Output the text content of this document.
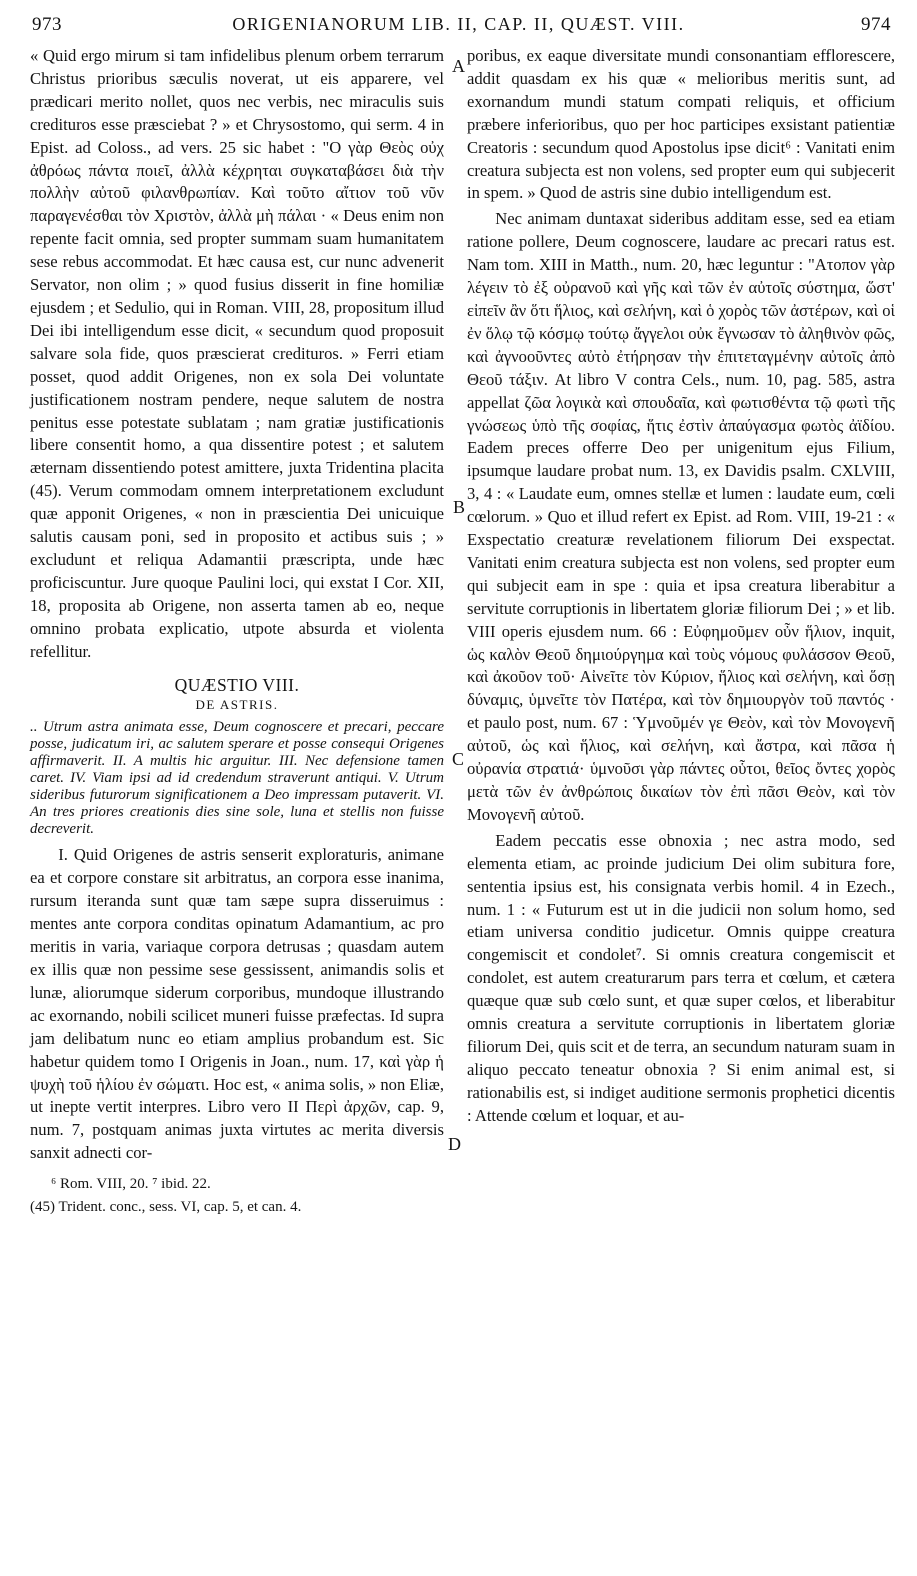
973	ORIGENIANORUM LIB. II, CAP. II, QUÆST. VIII.	974

« Quid ergo mirum si tam infidelibus plenum orbem terrarum Christus prioribus sæculis noverat, ut eis apparere, vel prædicari merito nollet, quos nec verbis, nec miraculis suis credituros esse præsciebat ? » et Chrysostomo, qui serm. 4 in Epist. ad Coloss., ad vers. 25 sic habet : "Ο γὰρ Θεὸς οὐχ ἀθρόως πάντα ποιεῖ, ἀλλὰ κέχρηται συγκαταβάσει διὰ τὴν πολλὴν αὐτοῦ φιλανθρωπίαν. Καὶ τοῦτο αἴτιον τοῦ νῦν παραγενέσθαι τὸν Χριστὸν, ἀλλὰ μὴ πάλαι · « Deus enim non repente facit omnia, sed propter summam suam humanitatem sese rebus accommodat. Et hæc causa est, cur nunc advenerit Servator, non olim ; » quod fusius disserit in fine homiliæ ejusdem ; et Sedulio, qui in Roman. VIII, 28, propositum illud Dei ibi intelligendum esse dicit, « secundum quod proposuit salvare sola fide, quos præscierat credituros. » Ferri etiam posset, quod addit Origenes, non ex sola Dei voluntate justificationem nostram pendere, neque salutem de nostra penitus esse potestate sublatam ; nam gratiæ justificationis libere consentit homo, a qua dissentire potest ; et salutem æternam dissentiendo potest amittere, juxta Tridentina placita (45). Verum commodam omnem interpretationem excludunt quæ apponit Origenes, « non in præscientia Dei unicuique salutis causam poni, sed in proposito et actibus suis ; » excludunt et reliqua Adamantii præscripta, unde hæc proficiscuntur. Jure quoque Paulini loci, qui exstat I Cor. XII, 18, proposita ab Origene, non asserta tamen ab eo, neque omnino probata explicatio, utpote absurda et violenta refellitur.

QUÆSTIO VIII.
DE ASTRIS.

.. Utrum astra animata esse, Deum cognoscere et precari, peccare posse, judicatum iri, ac salutem sperare et posse consequi Origenes affirmaverit. II. A multis hic arguitur. III. Nec defensione tamen caret. IV. Viam ipsi ad id credendum straverunt antiqui. V. Utrum sideribus futurorum significationem a Deo impressam putaverit. VI. An tres priores creationis dies sine sole, luna et stellis non fuisse decreverit.

I. Quid Origenes de astris senserit exploraturis, animane ea et corpore constare sit arbitratus, an corpora esse inanima, rursum iteranda sunt quæ tam sæpe supra disseruimus : mentes ante corpora conditas opinatum Adamantium, ac pro meritis in varia, variaque corpora detrusas ; quasdam autem ex illis quæ non pessime sese gessissent, animandis solis et lunæ, aliorumque siderum corporibus, mundoque illustrando ac exornando, nobili scilicet muneri fuisse præfectas. Id supra jam delibatum nunc eo etiam amplius probandum est. Sic habetur quidem tomo I Origenis in Joan., num. 17, καὶ γὰρ ἡ ψυχὴ τοῦ ἡλίου ἐν σώματι. Hoc est, « anima solis, » non Eliæ, ut inepte vertit interpres. Libro vero II Περὶ ἀρχῶν, cap. 9, num. 7, postquam animas juxta virtutes ac merita diversis sanxit adnecti cor-

⁶ Rom. VIII, 20. ⁷ ibid. 22.

(45) Trident. conc., sess. VI, cap. 5, et can. 4.

poribus, ex eaque diversitate mundi consonantiam efflorescere, addit quasdam ex his quæ « melioribus meritis sunt, ad exornandum mundi statum compati reliquis, et officium præbere inferioribus, quo per hoc participes exsistant patientiæ Creatoris : secundum quod Apostolus ipse dicit⁶ : Vanitati enim creatura subjecta est non volens, sed propter eum qui subjecerit in spem. » Quod de astris sine dubio intelligendum est.

Nec animam duntaxat sideribus additam esse, sed ea etiam ratione pollere, Deum cognoscere, laudare ac precari ratus est. Nam tom. XIII in Matth., num. 20, hæc leguntur : "Ατοπον γὰρ λέγειν τὸ ἐξ οὐρανοῦ καὶ γῆς καὶ τῶν ἐν αὐτοῖς σύστημα, ὥστ' εἰπεῖν ἂν ὅτι ἥλιος, καὶ σελήνη, καὶ ὁ χορὸς τῶν ἀστέρων, καὶ οἱ ἐν ὅλῳ τῷ κόσμῳ τούτῳ ἄγγελοι οὐκ ἔγνωσαν τὸ ἀληθινὸν φῶς, καὶ ἀγνοοῦντες αὐτὸ ἐτήρησαν τὴν ἐπιτεταγμένην αὐτοῖς ἀπὸ Θεοῦ τάξιν. At libro V contra Cels., num. 10, pag. 585, astra appellat ζῶα λογικὰ καὶ σπουδαῖα, καὶ φωτισθέντα τῷ φωτὶ τῆς γνώσεως ὑπὸ τῆς σοφίας, ἥτις ἐστὶν ἀπαύγασμα φωτὸς ἀϊδίου. Eadem preces offerre Deo per unigenitum ejus Filium, ipsumque laudare probat num. 13, ex Davidis psalm. CXLVIII, 3, 4 : « Laudate eum, omnes stellæ et lumen : laudate eum, cœli cœlorum. » Quo et illud refert ex Epist. ad Rom. VIII, 19-21 : « Exspectatio creaturæ revelationem filiorum Dei exspectat. Vanitati enim creatura subjecta est non volens, sed propter eum qui subjecit eam in spe : quia et ipsa creatura liberabitur a servitute corruptionis in libertatem gloriæ filiorum Dei ; » et lib. VIII operis ejusdem num. 66 : Εὐφημοῦμεν οὖν ἥλιον, inquit, ὡς καλὸν Θεοῦ δημιούργημα καὶ τοὺς νόμους φυλάσσον Θεοῦ, καὶ ἀκοῦον τοῦ· Αἰνεῖτε τὸν Κύριον, ἥλιος καὶ σελήνη, καὶ ὅσῃ δύναμις, ὑμνεῖτε τὸν Πατέρα, καὶ τὸν δημιουργὸν τοῦ παντός · et paulo post, num. 67 : Ὑμνοῦμέν γε Θεὸν, καὶ τὸν Μονογενῆ αὐτοῦ, ὡς καὶ ἥλιος, καὶ σελήνη, καὶ ἄστρα, καὶ πᾶσα ἡ οὐρανία στρατιά· ὑμνοῦσι γὰρ πάντες οὗτοι, θεῖος ὄντες χορὸς μετὰ τῶν ἐν ἀνθρώποις δικαίων τὸν ἐπὶ πᾶσι Θεὸν, καὶ τὸν Μονογενῆ αὐτοῦ.

Eadem peccatis esse obnoxia ; nec astra modo, sed elementa etiam, ac proinde judicium Dei olim subitura fore, sententia ipsius est, his consignata verbis homil. 4 in Ezech., num. 1 : « Futurum est ut in die judicii non solum homo, sed etiam universa conditio judicetur. Omnis quippe creatura congemiscit et condolet⁷. Si omnis creatura congemiscit et condolet, est autem creaturarum pars terra et cœlum, et cætera quæque quæ sub cœlo sunt, et quæ super cœlos, et liberabitur omnis creatura a servitute corruptionis in libertatem gloriæ filiorum Dei, quis scit et de terra, an secundum naturam suam in aliquo peccato teneatur obnoxia ? Si enim animal est, si rationabilis est, si indiget auditione sermonis prophetici dicentis : Attende cœlum et loquar, et au-

A
B
C
D
